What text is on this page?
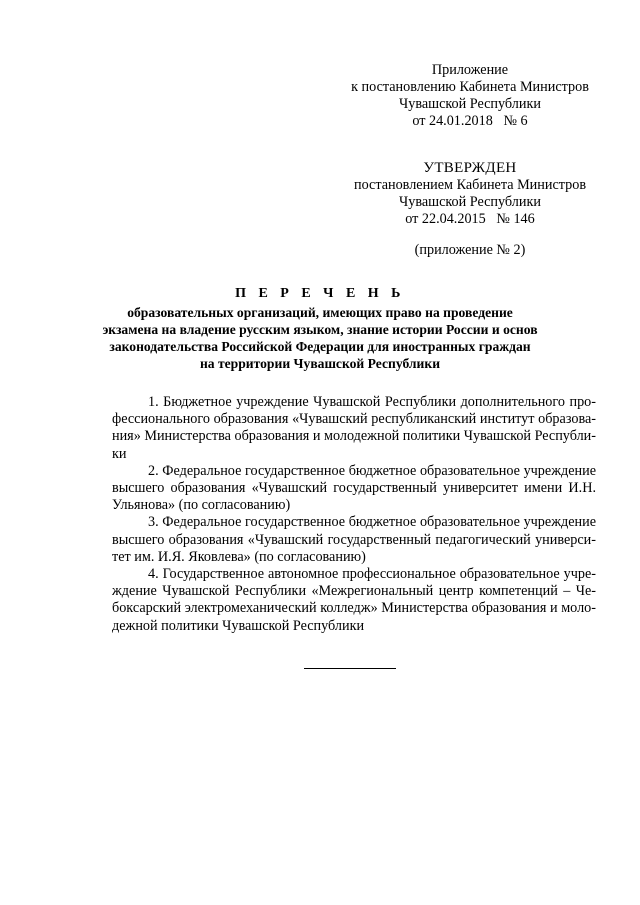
Приложение
к постановлению Кабинета Министров
Чувашской Республики
от 24.01.2018   № 6
УТВЕРЖДЕН
постановлением Кабинета Министров
Чувашской Республики
от 22.04.2015   № 146
(приложение № 2)
П Е Р Е Ч Е Н Ь
образовательных организаций, имеющих право на проведение
экзамена на владение русским языком, знание истории России и основ
законодательства Российской Федерации для иностранных граждан
на территории Чувашской Республики
1. Бюджетное учреждение Чувашской Республики дополнительного профессионального образования «Чувашский республиканский институт образования» Министерства образования и молодежной политики Чувашской Республики
2. Федеральное государственное бюджетное образовательное учреждение высшего образования «Чувашский государственный университет имени И.Н. Ульянова» (по согласованию)
3. Федеральное государственное бюджетное образовательное учреждение высшего образования «Чувашский государственный педагогический университет им. И.Я. Яковлева» (по согласованию)
4. Государственное автономное профессиональное образовательное учреждение Чувашской Республики «Межрегиональный центр компетенций – Чебоксарский электромеханический колледж» Министерства образования и молодежной политики Чувашской Республики
